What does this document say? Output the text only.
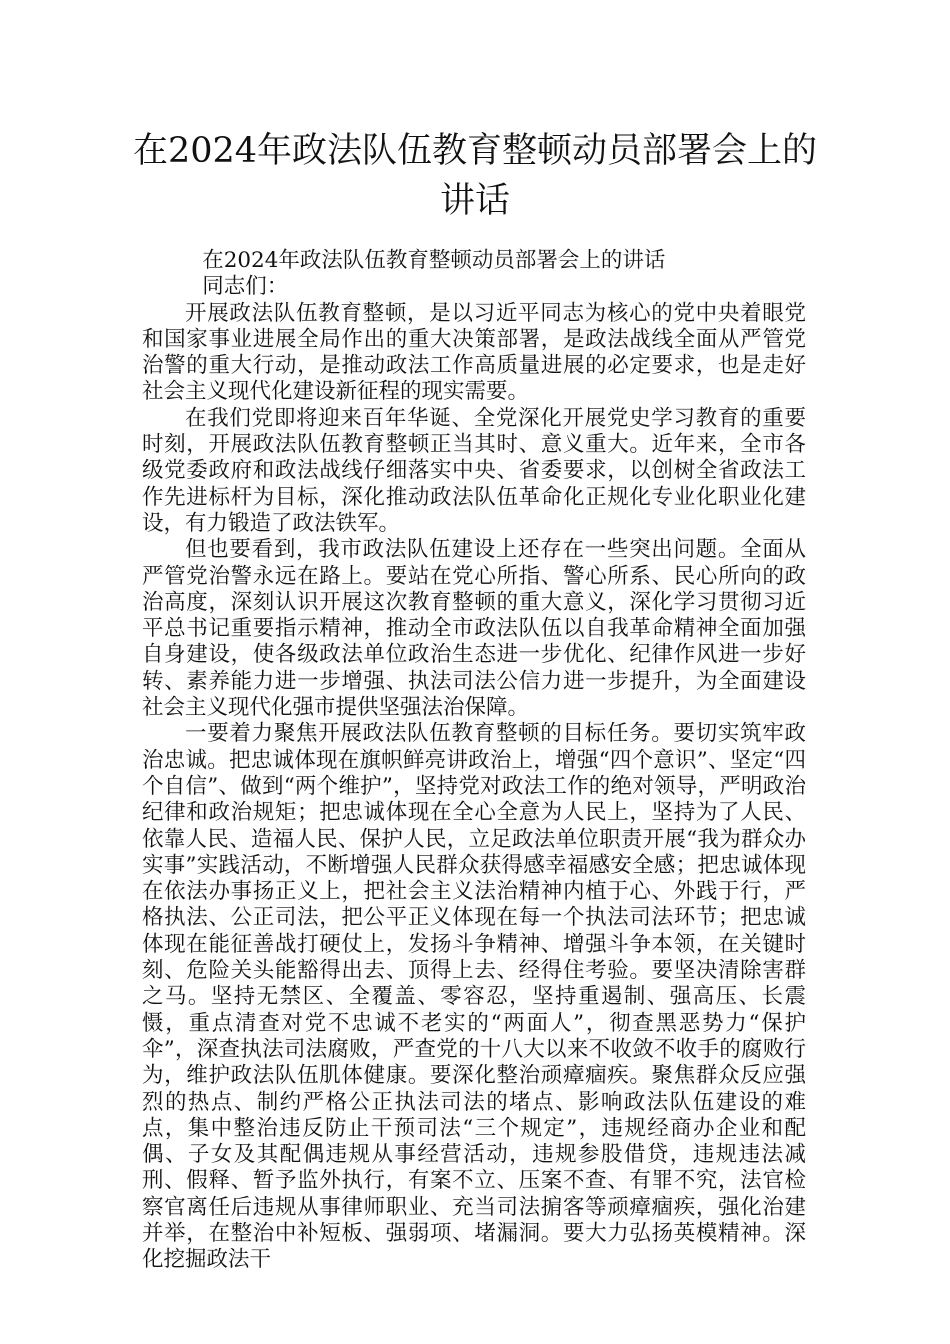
在2024年政法队伍教育整顿动员部署会上的讲话

在2024年政法队伍教育整顿动员部署会上的讲话

同志们：

开展政法队伍教育整顿，是以习近平同志为核心的党中央着眼党和国家事业进展全局作出的重大决策部署，是政法战线全面从严管党治警的重大行动，是推动政法工作高质量进展的必定要求，也是走好社会主义现代化建设新征程的现实需要。

在我们党即将迎来百年华诞、全党深化开展党史学习教育的重要时刻，开展政法队伍教育整顿正当其时、意义重大。近年来，全市各级党委政府和政法战线仔细落实中央、省委要求，以创树全省政法工作先进标杆为目标，深化推动政法队伍革命化正规化专业化职业化建设，有力锻造了政法铁军。

但也要看到，我市政法队伍建设上还存在一些突出问题。全面从严管党治警永远在路上。要站在党心所指、警心所系、民心所向的政治高度，深刻认识开展这次教育整顿的重大意义，深化学习贯彻习近平总书记重要指示精神，推动全市政法队伍以自我革命精神全面加强自身建设，使各级政法单位政治生态进一步优化、纪律作风进一步好转、素养能力进一步增强、执法司法公信力进一步提升，为全面建设社会主义现代化强市提供坚强法治保障。

一要着力聚焦开展政法队伍教育整顿的目标任务。要切实筑牢政治忠诚。把忠诚体现在旗帜鲜亮讲政治上，增强“四个意识”、坚定“四个自信”、做到“两个维护”，坚持党对政法工作的绝对领导，严明政治纪律和政治规矩；把忠诚体现在全心全意为人民上，坚持为了人民、依靠人民、造福人民、保护人民，立足政法单位职责开展“我为群众办实事”实践活动，不断增强人民群众获得感幸福感安全感；把忠诚体现在依法办事扬正义上，把社会主义法治精神内植于心、外践于行，严格执法、公正司法，把公平正义体现在每一个执法司法环节；把忠诚体现在能征善战打硬仗上，发扬斗争精神、增强斗争本领，在关键时刻、危险关头能豁得出去、顶得上去、经得住考验。要坚决清除害群之马。坚持无禁区、全覆盖、零容忍，坚持重遏制、强高压、长震慑，重点清查对党不忠诚不老实的“两面人”，彻查黑恶势力“保护伞”，深查执法司法腐败，严查党的十八大以来不收敛不收手的腐败行为，维护政法队伍肌体健康。要深化整治顽瘴痼疾。聚焦群众反应强烈的热点、制约严格公正执法司法的堵点、影响政法队伍建设的难点，集中整治违反防止干预司法“三个规定”，违规经商办企业和配偶、子女及其配偶违规从事经营活动，违规参股借贷，违规违法减刑、假释、暂予监外执行，有案不立、压案不查、有罪不究，法官检察官离任后违规从事律师职业、充当司法掮客等顽瘴痼疾，强化治建并举，在整治中补短板、强弱项、堵漏洞。要大力弘扬英模精神。深化挖掘政法干
